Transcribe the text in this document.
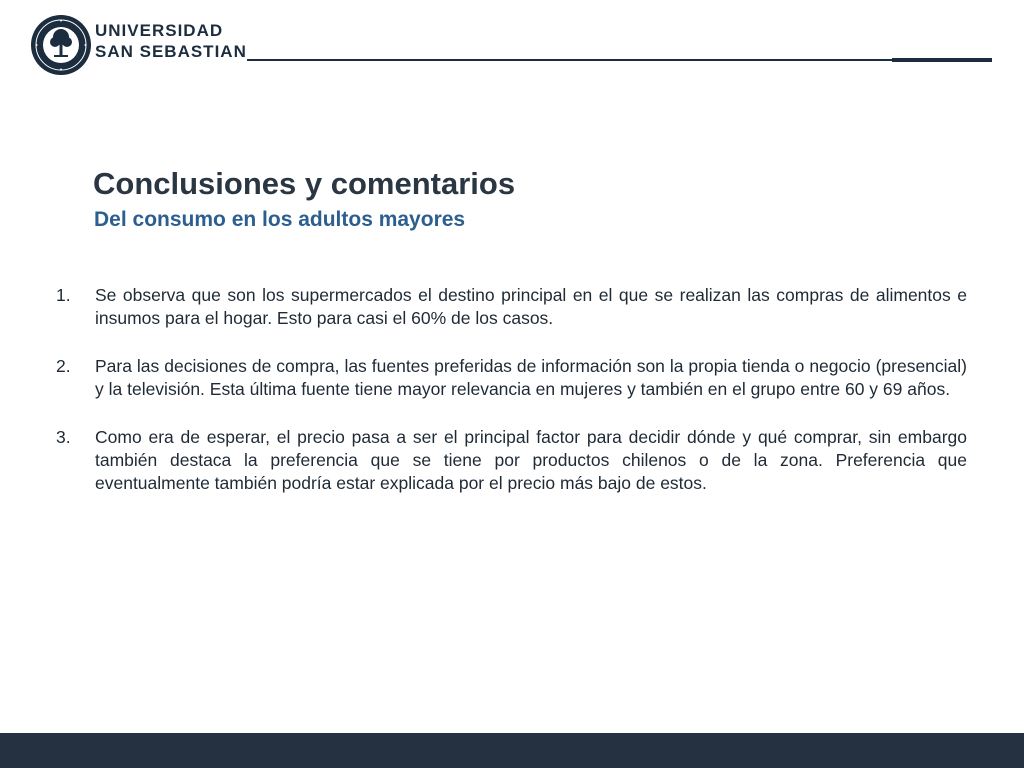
UNIVERSIDAD
SAN SEBASTIAN
Conclusiones y comentarios
Del consumo en los adultos mayores
1.	Se observa que son los supermercados el destino principal en el que se realizan las compras de alimentos e insumos para el hogar. Esto para casi el 60% de los casos.
2.	Para las decisiones de compra, las fuentes preferidas de información son la propia tienda o negocio (presencial) y la televisión. Esta última fuente tiene mayor relevancia en mujeres y también en el grupo entre 60 y 69 años.
3.	Como era de esperar, el precio pasa a ser el principal factor para decidir dónde y qué comprar, sin embargo también destaca la preferencia que se tiene por productos chilenos o de la zona. Preferencia que eventualmente también podría estar explicada por el precio más bajo de estos.
